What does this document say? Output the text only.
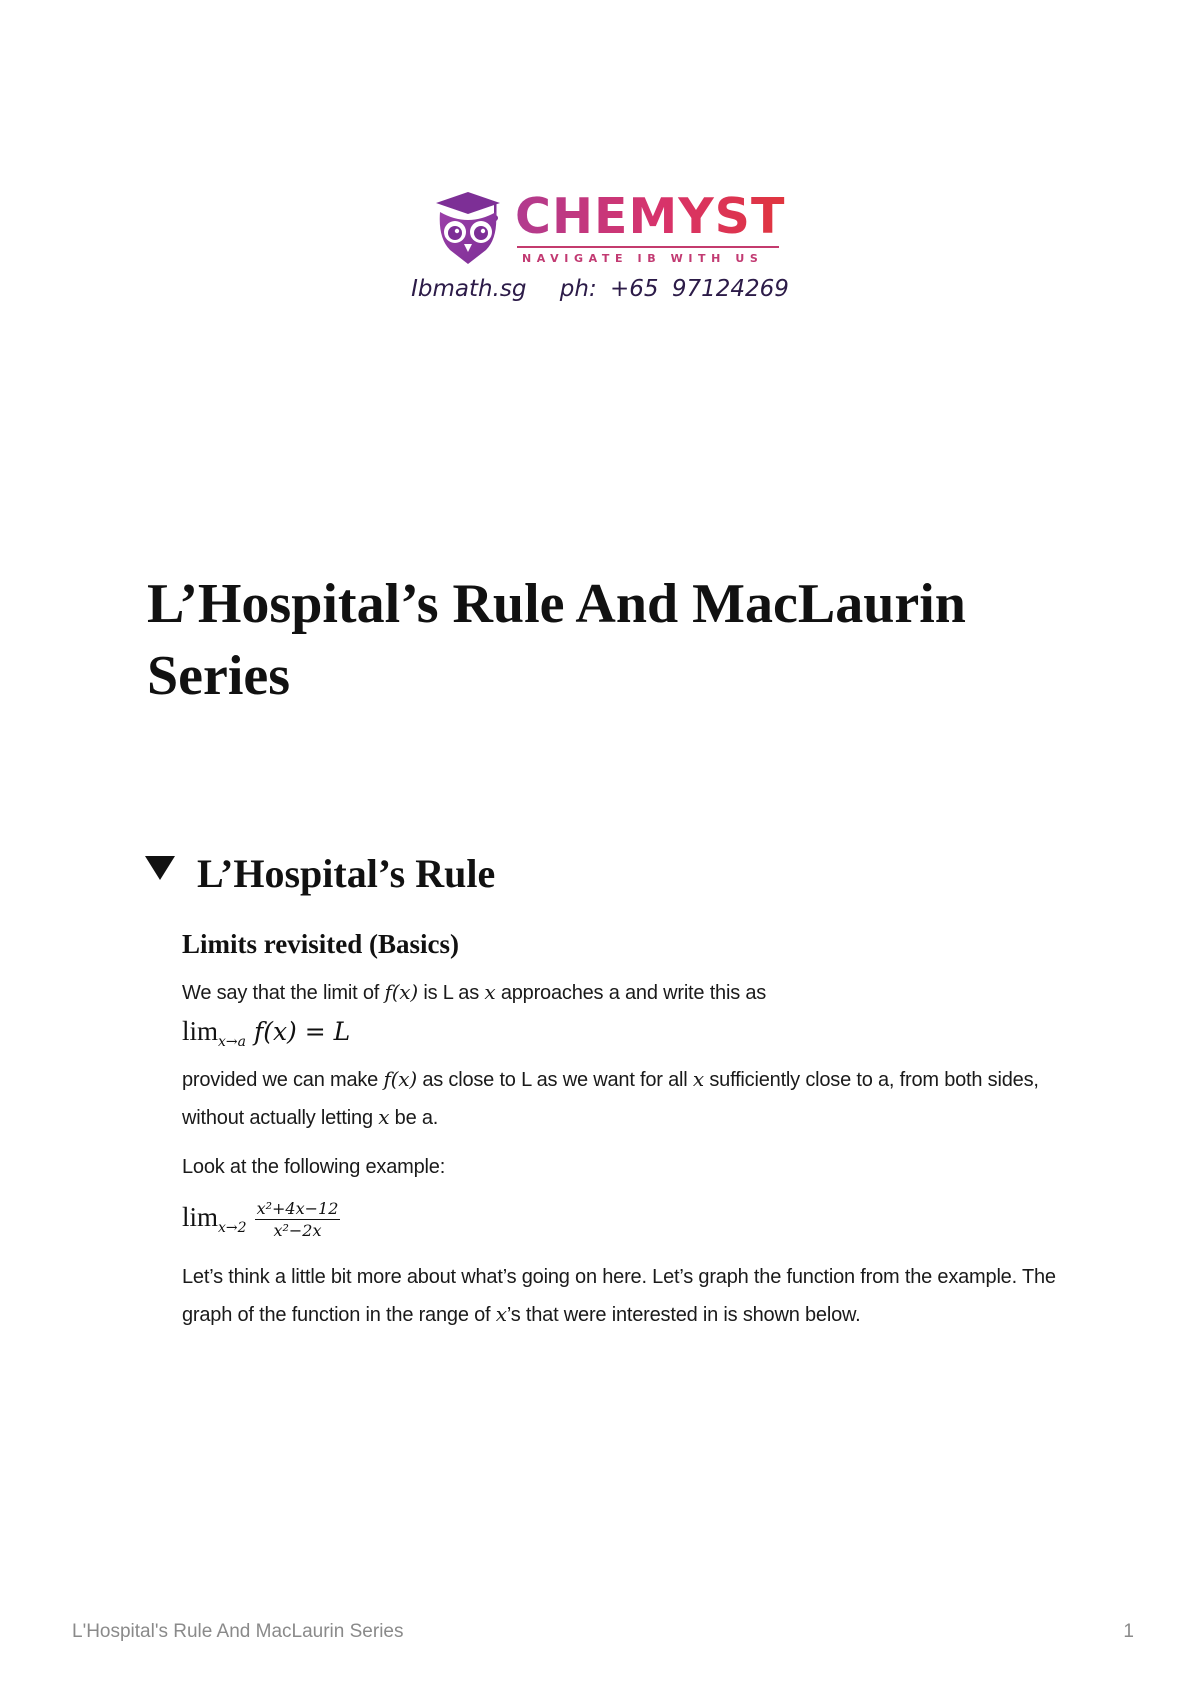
CHEMYST
NAVIGATE IB WITH US
Ibmath.sg ph: +65 97124269
L’Hospital’s Rule And MacLaurin Series
L’Hospital’s Rule
Limits revisited (Basics)

We say that the limit of f(x) is L as x approaches a and write this as

$\lim_{x\to a} f(x) = L$

provided we can make f(x) as close to L as we want for all x sufficiently close to a, from both sides, without actually letting x be a.

Look at the following example:

$\lim_{x\to 2} \frac{\text{x²+4x−12}}{\text{x²−2x}}$

Let’s think a little bit more about what’s going on here. Let’s graph the function from the example. The graph of the function in the range of x’s that were interested in is shown below.

L'Hospital's Rule And MacLaurin Series	1
